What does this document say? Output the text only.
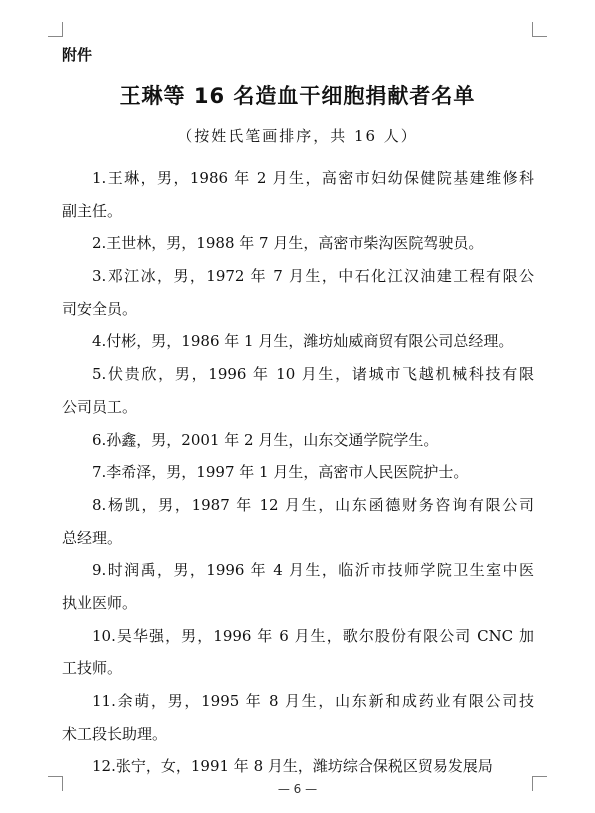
附件
王琳等 16 名造血干细胞捐献者名单
（按姓氏笔画排序，共 16 人）
1.王琳，男，1986 年 2 月生，高密市妇幼保健院基建维修科
副主任。
2.王世林，男，1988 年 7 月生，高密市柴沟医院驾驶员。
3.邓江冰，男，1972 年 7 月生，中石化江汉油建工程有限公
司安全员。
4.付彬，男，1986 年 1 月生，潍坊灿威商贸有限公司总经理。
5.伏贵欣，男，1996 年 10 月生，诸城市飞越机械科技有限
公司员工。
6.孙鑫，男，2001 年 2 月生，山东交通学院学生。
7.李希泽，男，1997 年 1 月生，高密市人民医院护士。
8.杨凯，男，1987 年 12 月生，山东函德财务咨询有限公司
总经理。
9.时润禹，男，1996 年 4 月生，临沂市技师学院卫生室中医
执业医师。
10.吴华强，男，1996 年 6 月生，歌尔股份有限公司 CNC 加
工技师。
11.余萌，男，1995 年 8 月生，山东新和成药业有限公司技
术工段长助理。
12.张宁，女，1991 年 8 月生，潍坊综合保税区贸易发展局
— 6 —
